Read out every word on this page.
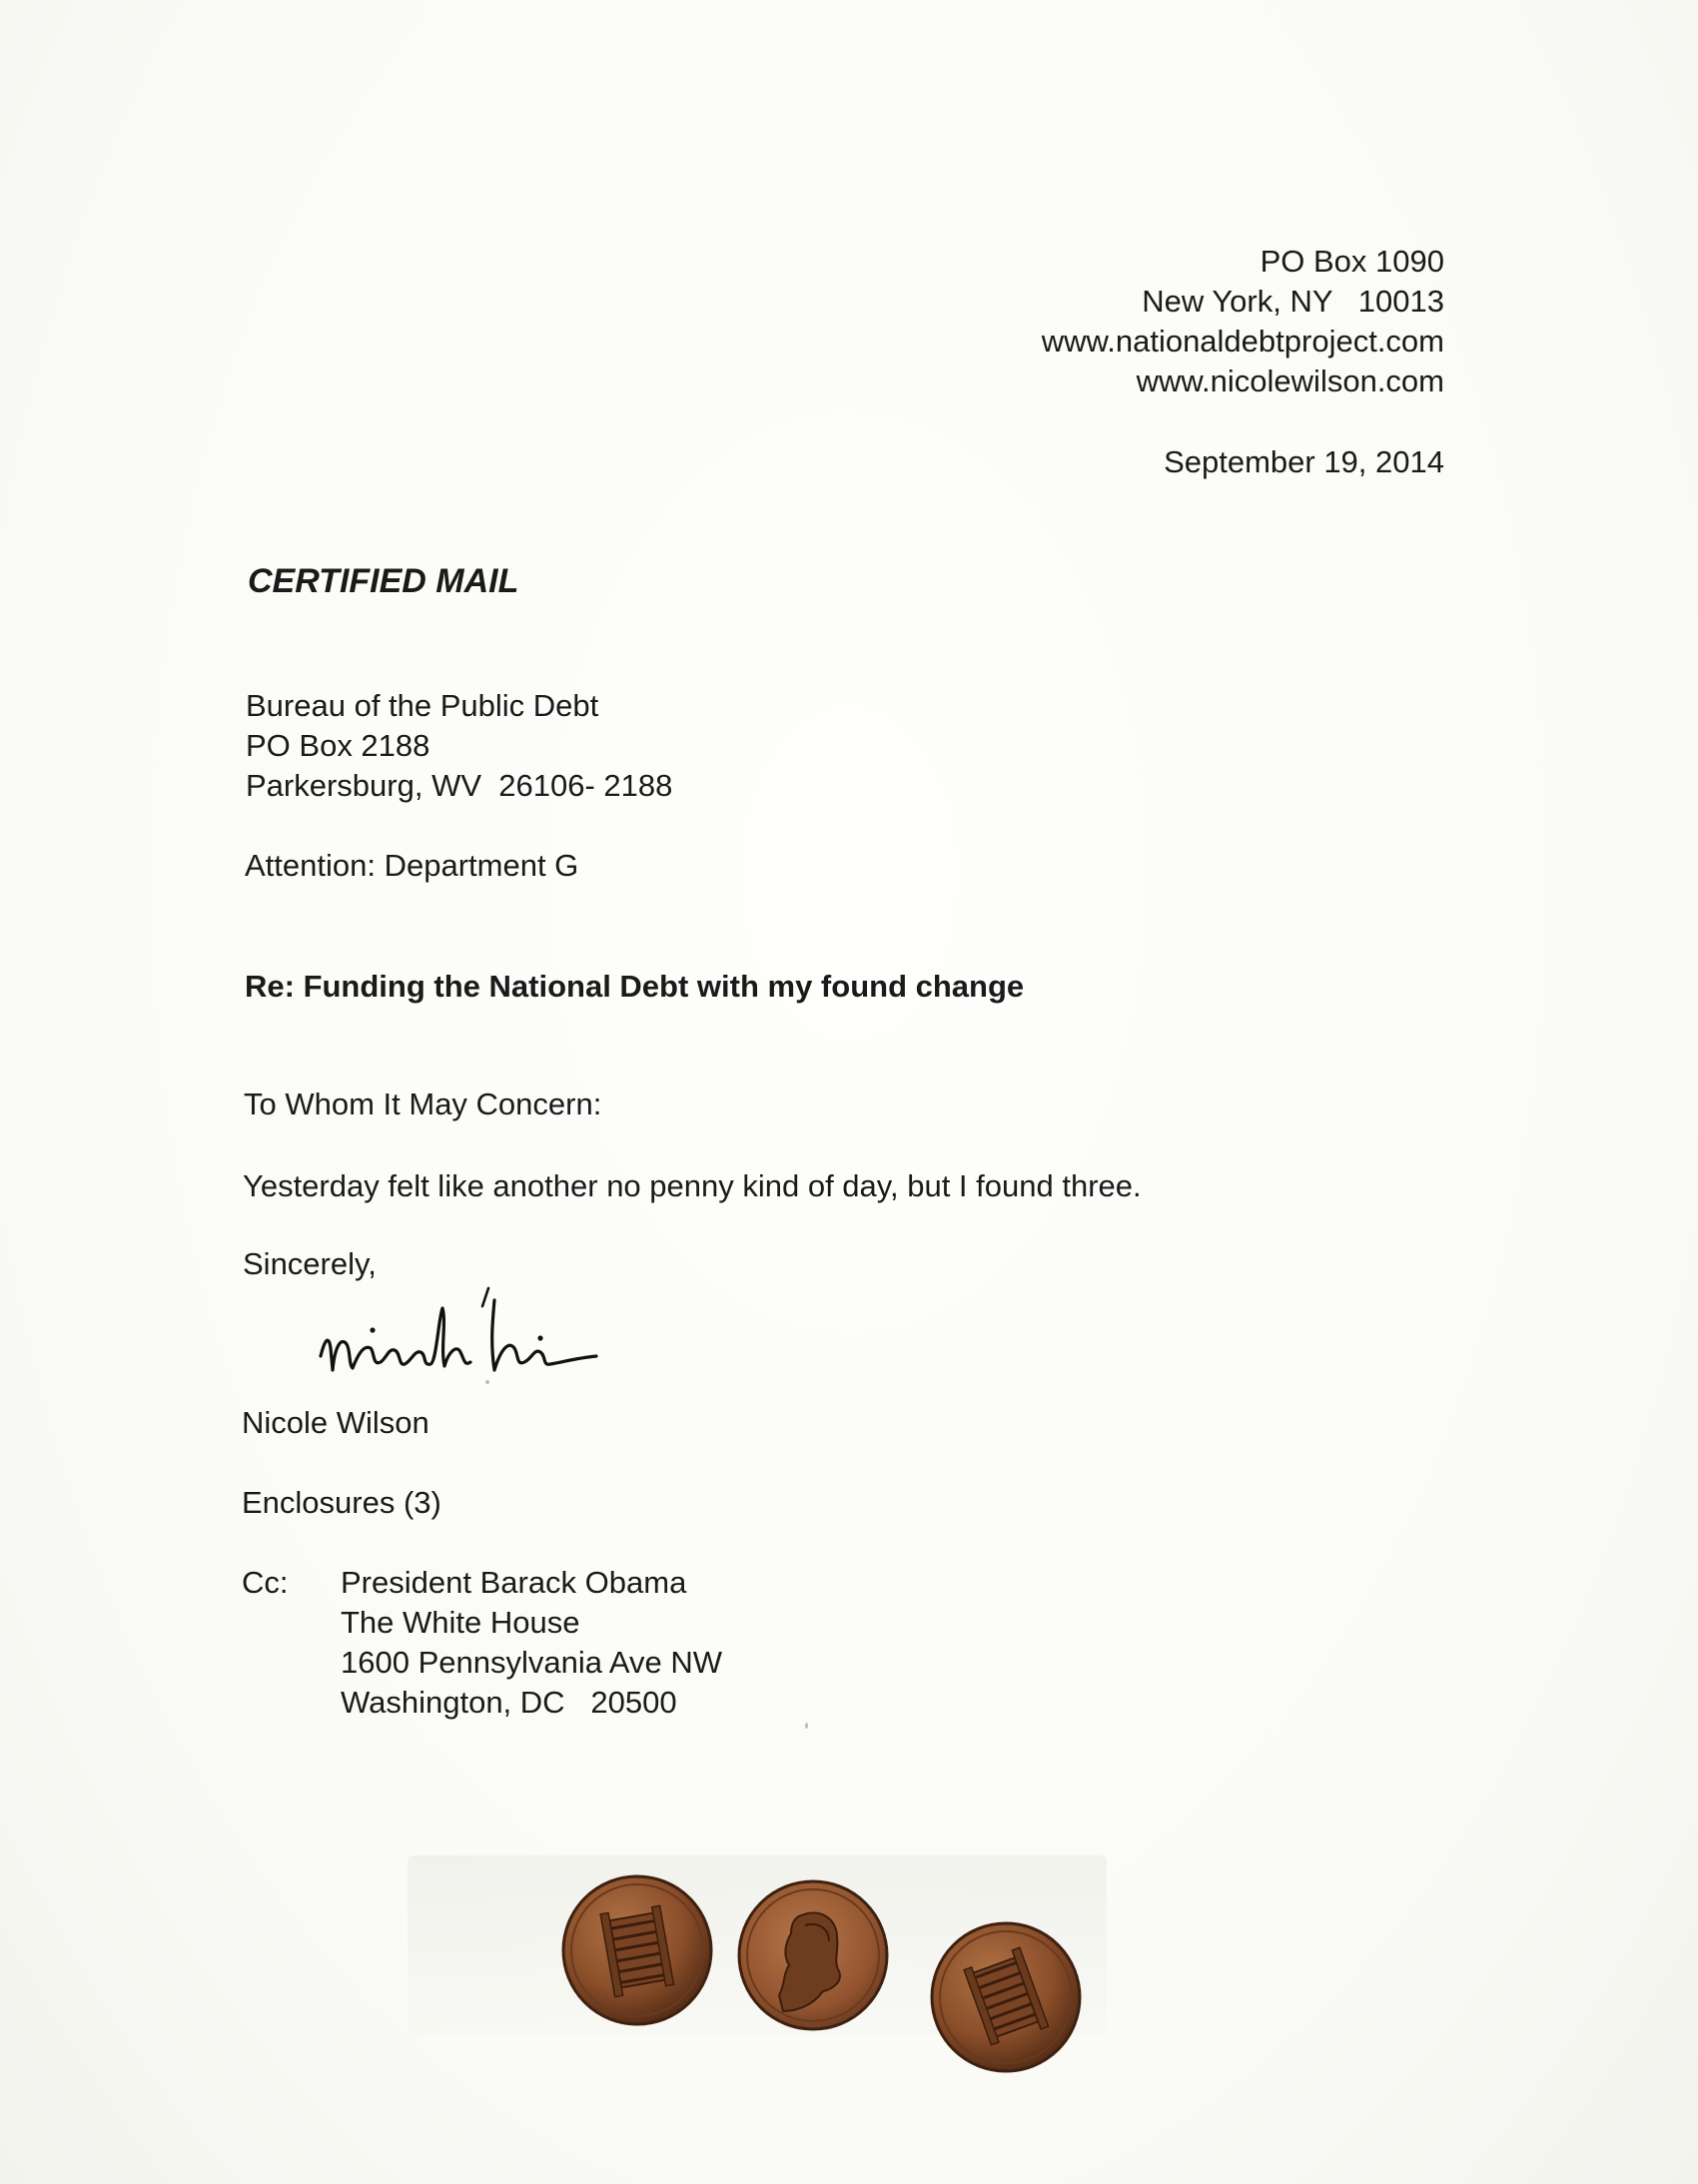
PO Box 1090
New York, NY   10013
www.nationaldebtproject.com
www.nicolewilson.com
September 19, 2014
CERTIFIED MAIL
Bureau of the Public Debt
PO Box 2188
Parkersburg, WV  26106- 2188
Attention: Department G
Re: Funding the National Debt with my found change
To Whom It May Concern:
Yesterday felt like another no penny kind of day, but I found three.
Sincerely,
Nicole Wilson
Enclosures (3)
Cc: President Barack Obama
The White House
1600 Pennsylvania Ave NW
Washington, DC   20500
